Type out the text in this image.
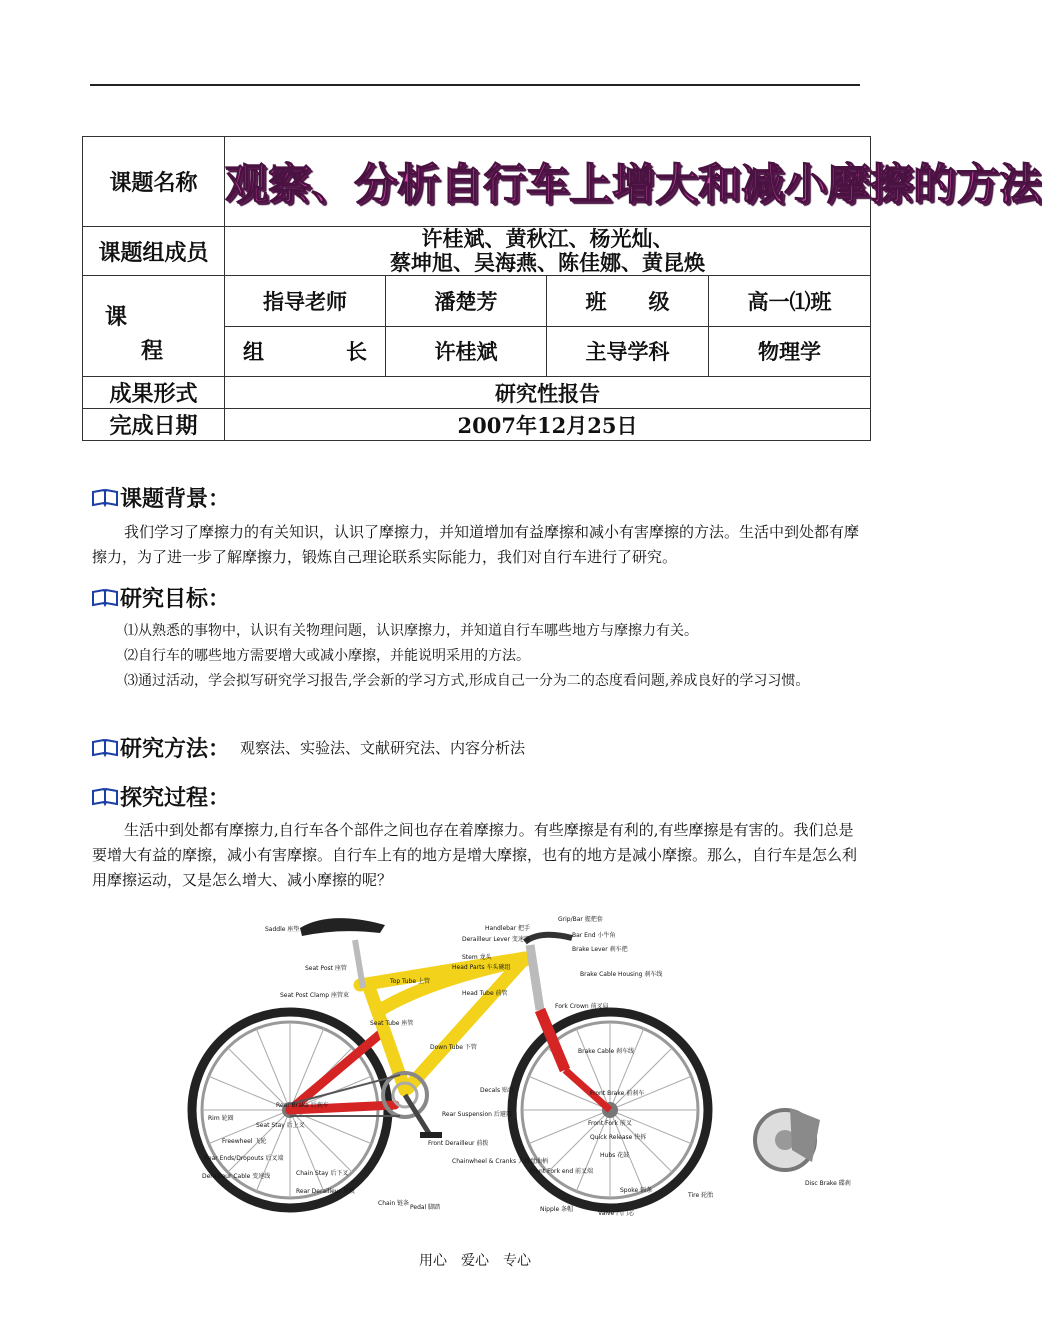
课题名称	观察、分析自行车上增大和减小摩擦的方法			
课题组成员	许桂斌、黄秋江、杨光灿、
蔡坤旭、吴海燕、陈佳娜、黄昆焕			

课
程	指导老师	潘楚芳	班　　级	高一⑴班

	组 长	许桂斌	主导学科	物理学
成果形式	研究性报告			
完成日期	2007年12月25日			
课题背景：
我们学习了摩擦力的有关知识，认识了摩擦力，并知道增加有益摩擦和减小有害摩擦的方法。生活中到处都有摩擦力，为了进一步了解摩擦力，锻炼自己理论联系实际能力，我们对自行车进行了研究。
研究目标：
⑴从熟悉的事物中，认识有关物理问题，认识摩擦力，并知道自行车哪些地方与摩擦力有关。
⑵自行车的哪些地方需要增大或减小摩擦，并能说明采用的方法。
⑶通过活动，学会拟写研究学习报告,学会新的学习方式,形成自己一分为二的态度看问题,养成良好的学习习惯。
研究方法： 观察法、实验法、文献研究法、内容分析法
探究过程：
生活中到处都有摩擦力,自行车各个部件之间也存在着摩擦力。有些摩擦是有利的,有些摩擦是有害的。我们总是要增大有益的摩擦，减小有害摩擦。自行车上有的地方是增大摩擦，也有的地方是减小摩擦。那么，自行车是怎么利用摩擦运动，又是怎么增大、减小摩擦的呢？
Saddle 座垫
Seat Post 座管
Seat Post Clamp 座管束
Top Tube 上管
Seat Tube 座管
Down Tube 下管
Head Tube 前管
Head Parts 车头碗组
Stem 龙头
Derailleur Lever 变速器
Handlebar 把手
Grip/Bar 握把套
Bar End 小牛角
Brake Lever 刹车把
Brake Cable Housing 刹车线
Fork Crown 前叉肩
Brake Cable 刹车线
Decals 贴纸	Front Brake 前刹车
Rear Suspension 后避震
Front Fork 前叉
Quick Release 快拆
Hubs 花鼓
Rear Brake 后刹车
Seat Stay 后上叉
Rim 轮圈
Freewheel 飞轮
Rear Ends/Dropouts 后叉端
Derailleur Cable 变速线	Chain Stay 后下叉
Rear Derailleur 后拨
Chain 链条
Chainwheel & Cranks 大齿盘曲柄
Front Derailleur 前拨
Pedal 脚踏
Front Fork end 前叉端
Nipple 条帽
Spoke 辐条
Valve 汽门芯
Tire 轮胎
Disc Brake 碟刹
用心　爱心　专心
